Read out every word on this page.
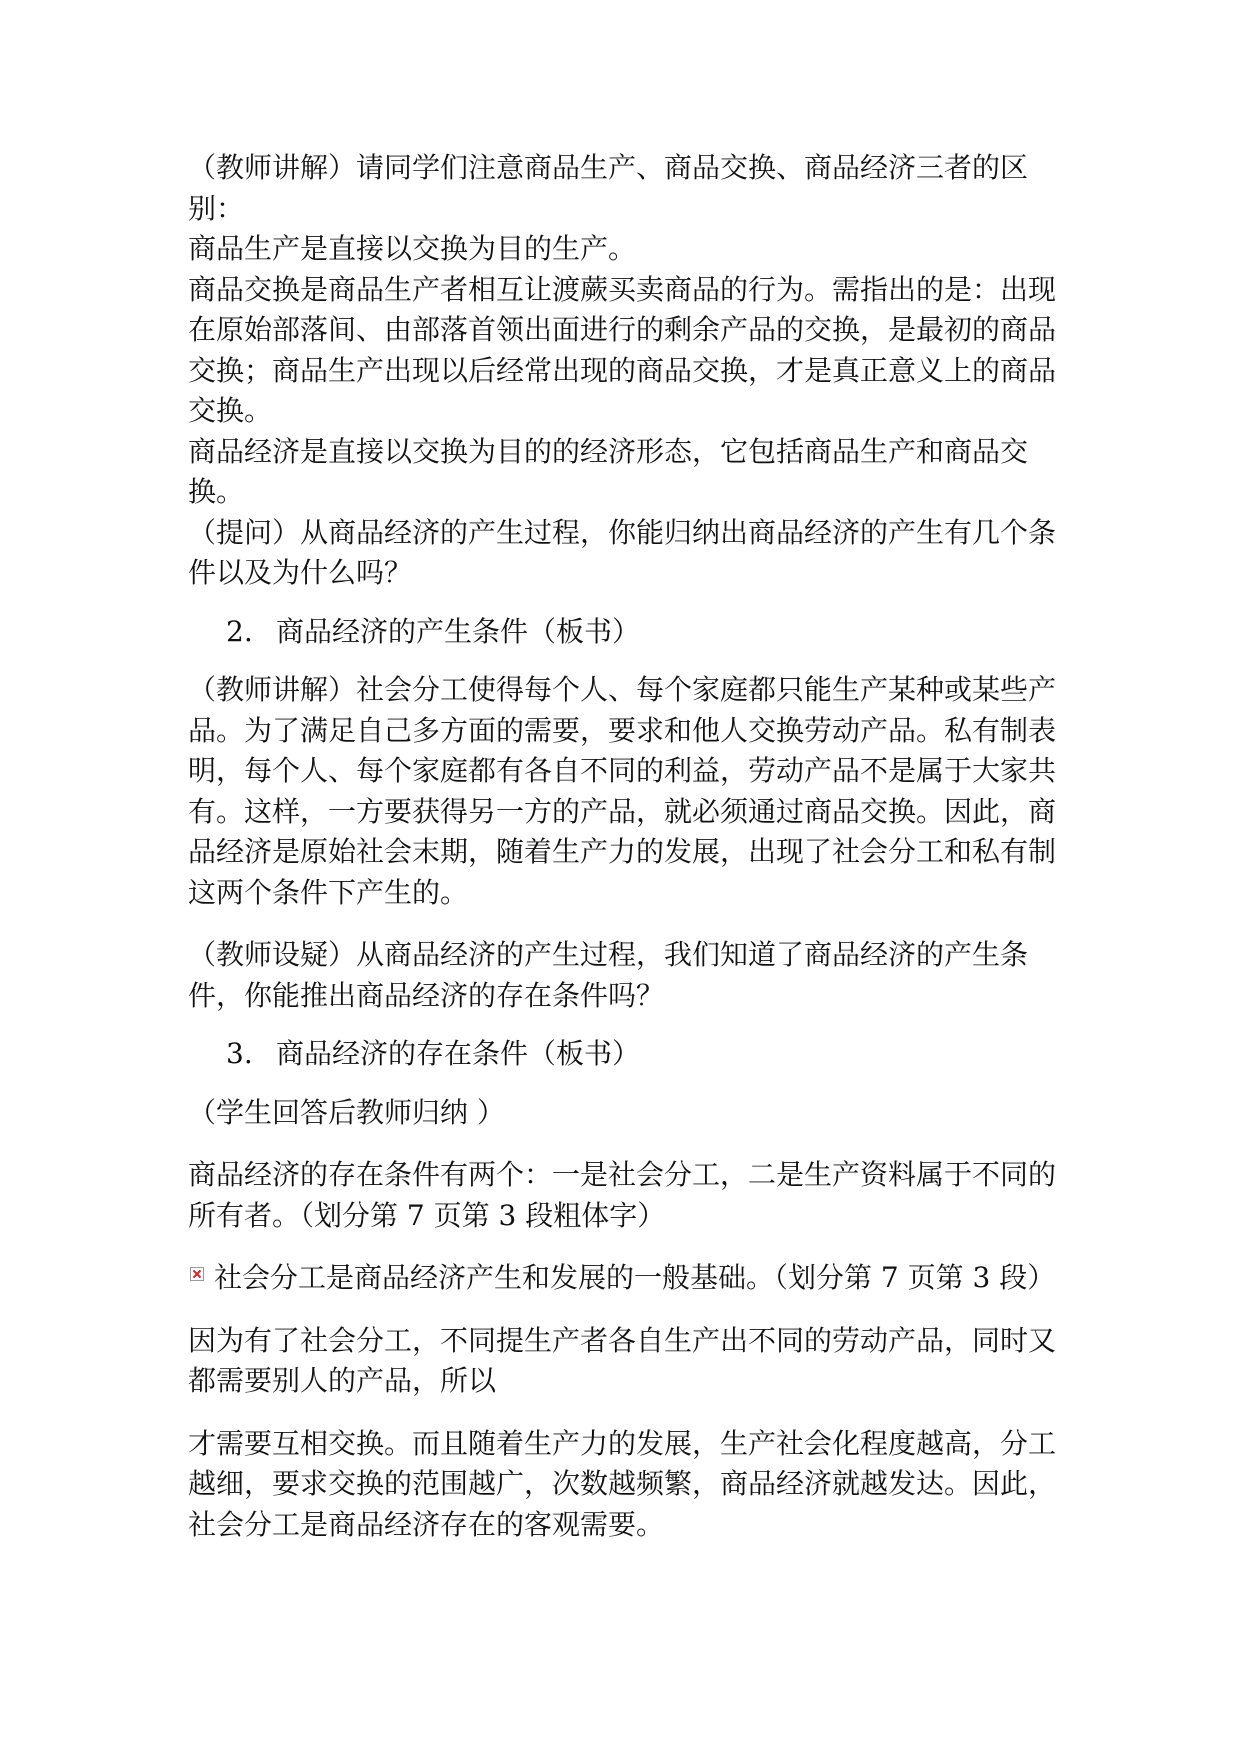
（教师讲解）请同学们注意商品生产、商品交换、商品经济三者的区别：

商品生产是直接以交换为目的生产。

商品交换是商品生产者相互让渡蕨买卖商品的行为。需指出的是：出现在原始部落间、由部落首领出面进行的剩余产品的交换，是最初的商品交换；商品生产出现以后经常出现的商品交换，才是真正意义上的商品交换。

商品经济是直接以交换为目的的经济形态，它包括商品生产和商品交换。

（提问）从商品经济的产生过程，你能归纳出商品经济的产生有几个条件以及为什么吗？

2. 商品经济的产生条件（板书）

（教师讲解）社会分工使得每个人、每个家庭都只能生产某种或某些产品。为了满足自己多方面的需要，要求和他人交换劳动产品。私有制表明，每个人、每个家庭都有各自不同的利益，劳动产品不是属于大家共有。这样，一方要获得另一方的产品，就必须通过商品交换。因此，商品经济是原始社会末期，随着生产力的发展，出现了社会分工和私有制这两个条件下产生的。

（教师设疑）从商品经济的产生过程，我们知道了商品经济的产生条件，你能推出商品经济的存在条件吗？

3. 商品经济的存在条件（板书）

（学生回答后教师归纳 ）

商品经济的存在条件有两个：一是社会分工，二是生产资料属于不同的所有者。（划分第 7 页第 3 段粗体字）

社会分工是商品经济产生和发展的一般基础。（划分第 7 页第 3 段）

因为有了社会分工，不同提生产者各自生产出不同的劳动产品，同时又都需要别人的产品，所以

才需要互相交换。而且随着生产力的发展，生产社会化程度越高，分工越细，要求交换的范围越广，次数越频繁，商品经济就越发达。因此，社会分工是商品经济存在的客观需要。
